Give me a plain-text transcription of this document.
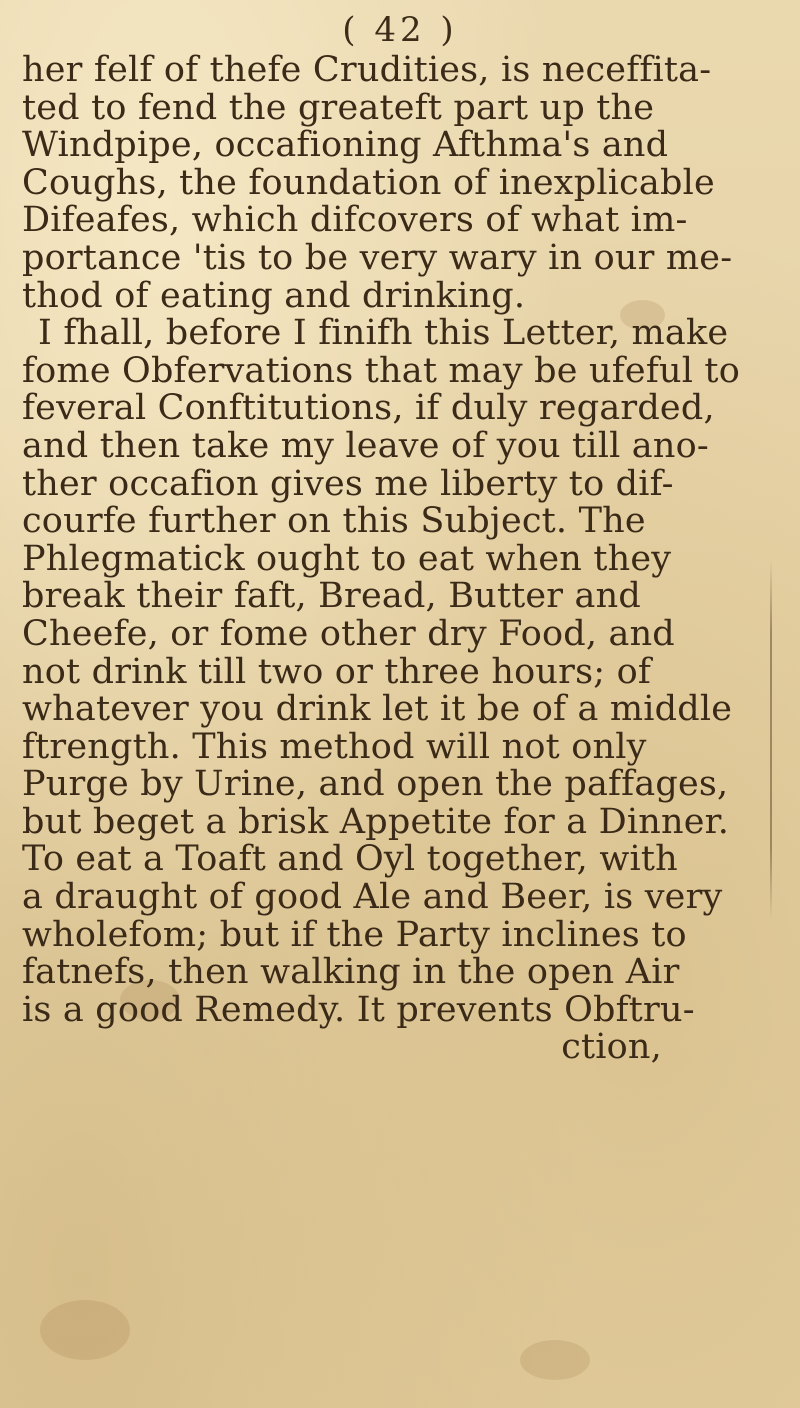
( 42 )
her felf of thefe Crudities, is neceffita-
ted to fend the greateft part up the
Windpipe, occafioning Afthma's and
Coughs, the foundation of inexplicable
Difeafes, which difcovers of what im-
portance 'tis to be very wary in our me-
thod of eating and drinking.
I fhall, before I finifh this Letter, make
fome Obfervations that may be ufeful to
feveral Conftitutions, if duly regarded,
and then take my leave of you till ano-
ther occafion gives me liberty to dif-
courfe further on this Subject. The
Phlegmatick ought to eat when they
break their faft, Bread, Butter and
Cheefe, or fome other dry Food, and
not drink till two or three hours; of
whatever you drink let it be of a middle
ftrength. This method will not only
Purge by Urine, and open the paffages,
but beget a brisk Appetite for a Dinner.
To eat a Toaft and Oyl together, with
a draught of good Ale and Beer, is very
wholefom; but if the Party inclines to
fatnefs, then walking in the open Air
is a good Remedy. It prevents Obftru-
ction,
